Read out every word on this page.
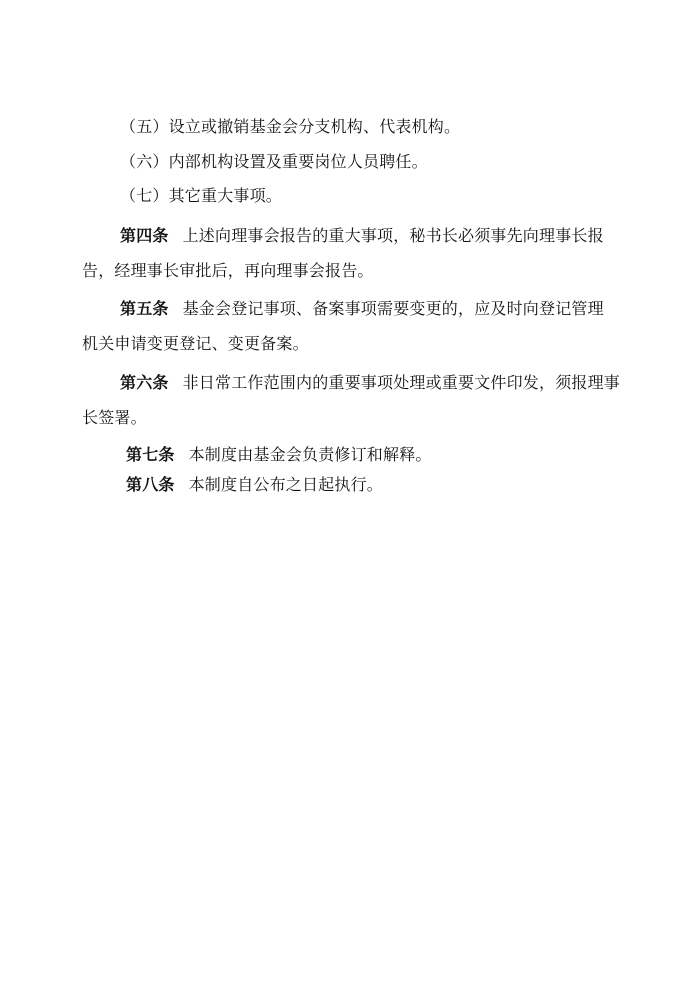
（五）设立或撤销基金会分支机构、代表机构。
（六）内部机构设置及重要岗位人员聘任。
（七）其它重大事项。
第四条 上述向理事会报告的重大事项，秘书长必须事先向理事长报
告，经理事长审批后，再向理事会报告。
第五条 基金会登记事项、备案事项需要变更的，应及时向登记管理
机关申请变更登记、变更备案。
第六条 非日常工作范围内的重要事项处理或重要文件印发，须报理事
长签署。
第七条 本制度由基金会负责修订和解释。
第八条 本制度自公布之日起执行。
